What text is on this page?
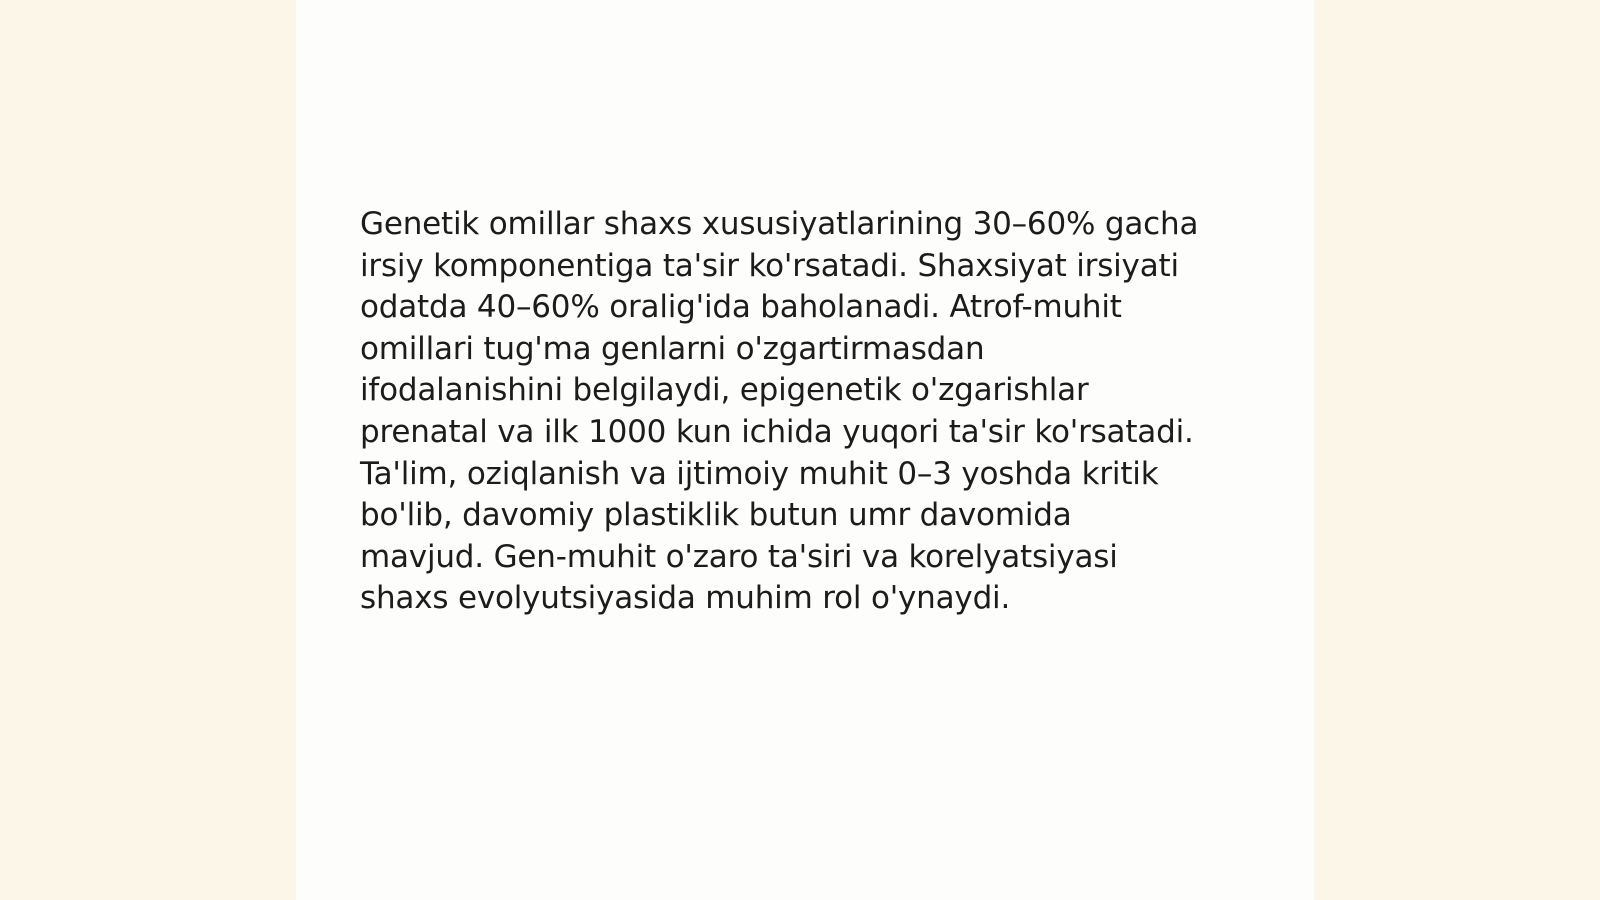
Genetik omillar shaxs xususiyatlarining 30–60% gacha
irsiy komponentiga ta'sir ko'rsatadi. Shaxsiyat irsiyati
odatda 40–60% oralig'ida baholanadi. Atrof-muhit
omillari tug'ma genlarni o'zgartirmasdan
ifodalanishini belgilaydi, epigenetik o'zgarishlar
prenatal va ilk 1000 kun ichida yuqori ta'sir ko'rsatadi.
Ta'lim, oziqlanish va ijtimoiy muhit 0–3 yoshda kritik
bo'lib, davomiy plastiklik butun umr davomida
mavjud. Gen-muhit o'zaro ta'siri va korelyatsiyasi
shaxs evolyutsiyasida muhim rol o'ynaydi.
